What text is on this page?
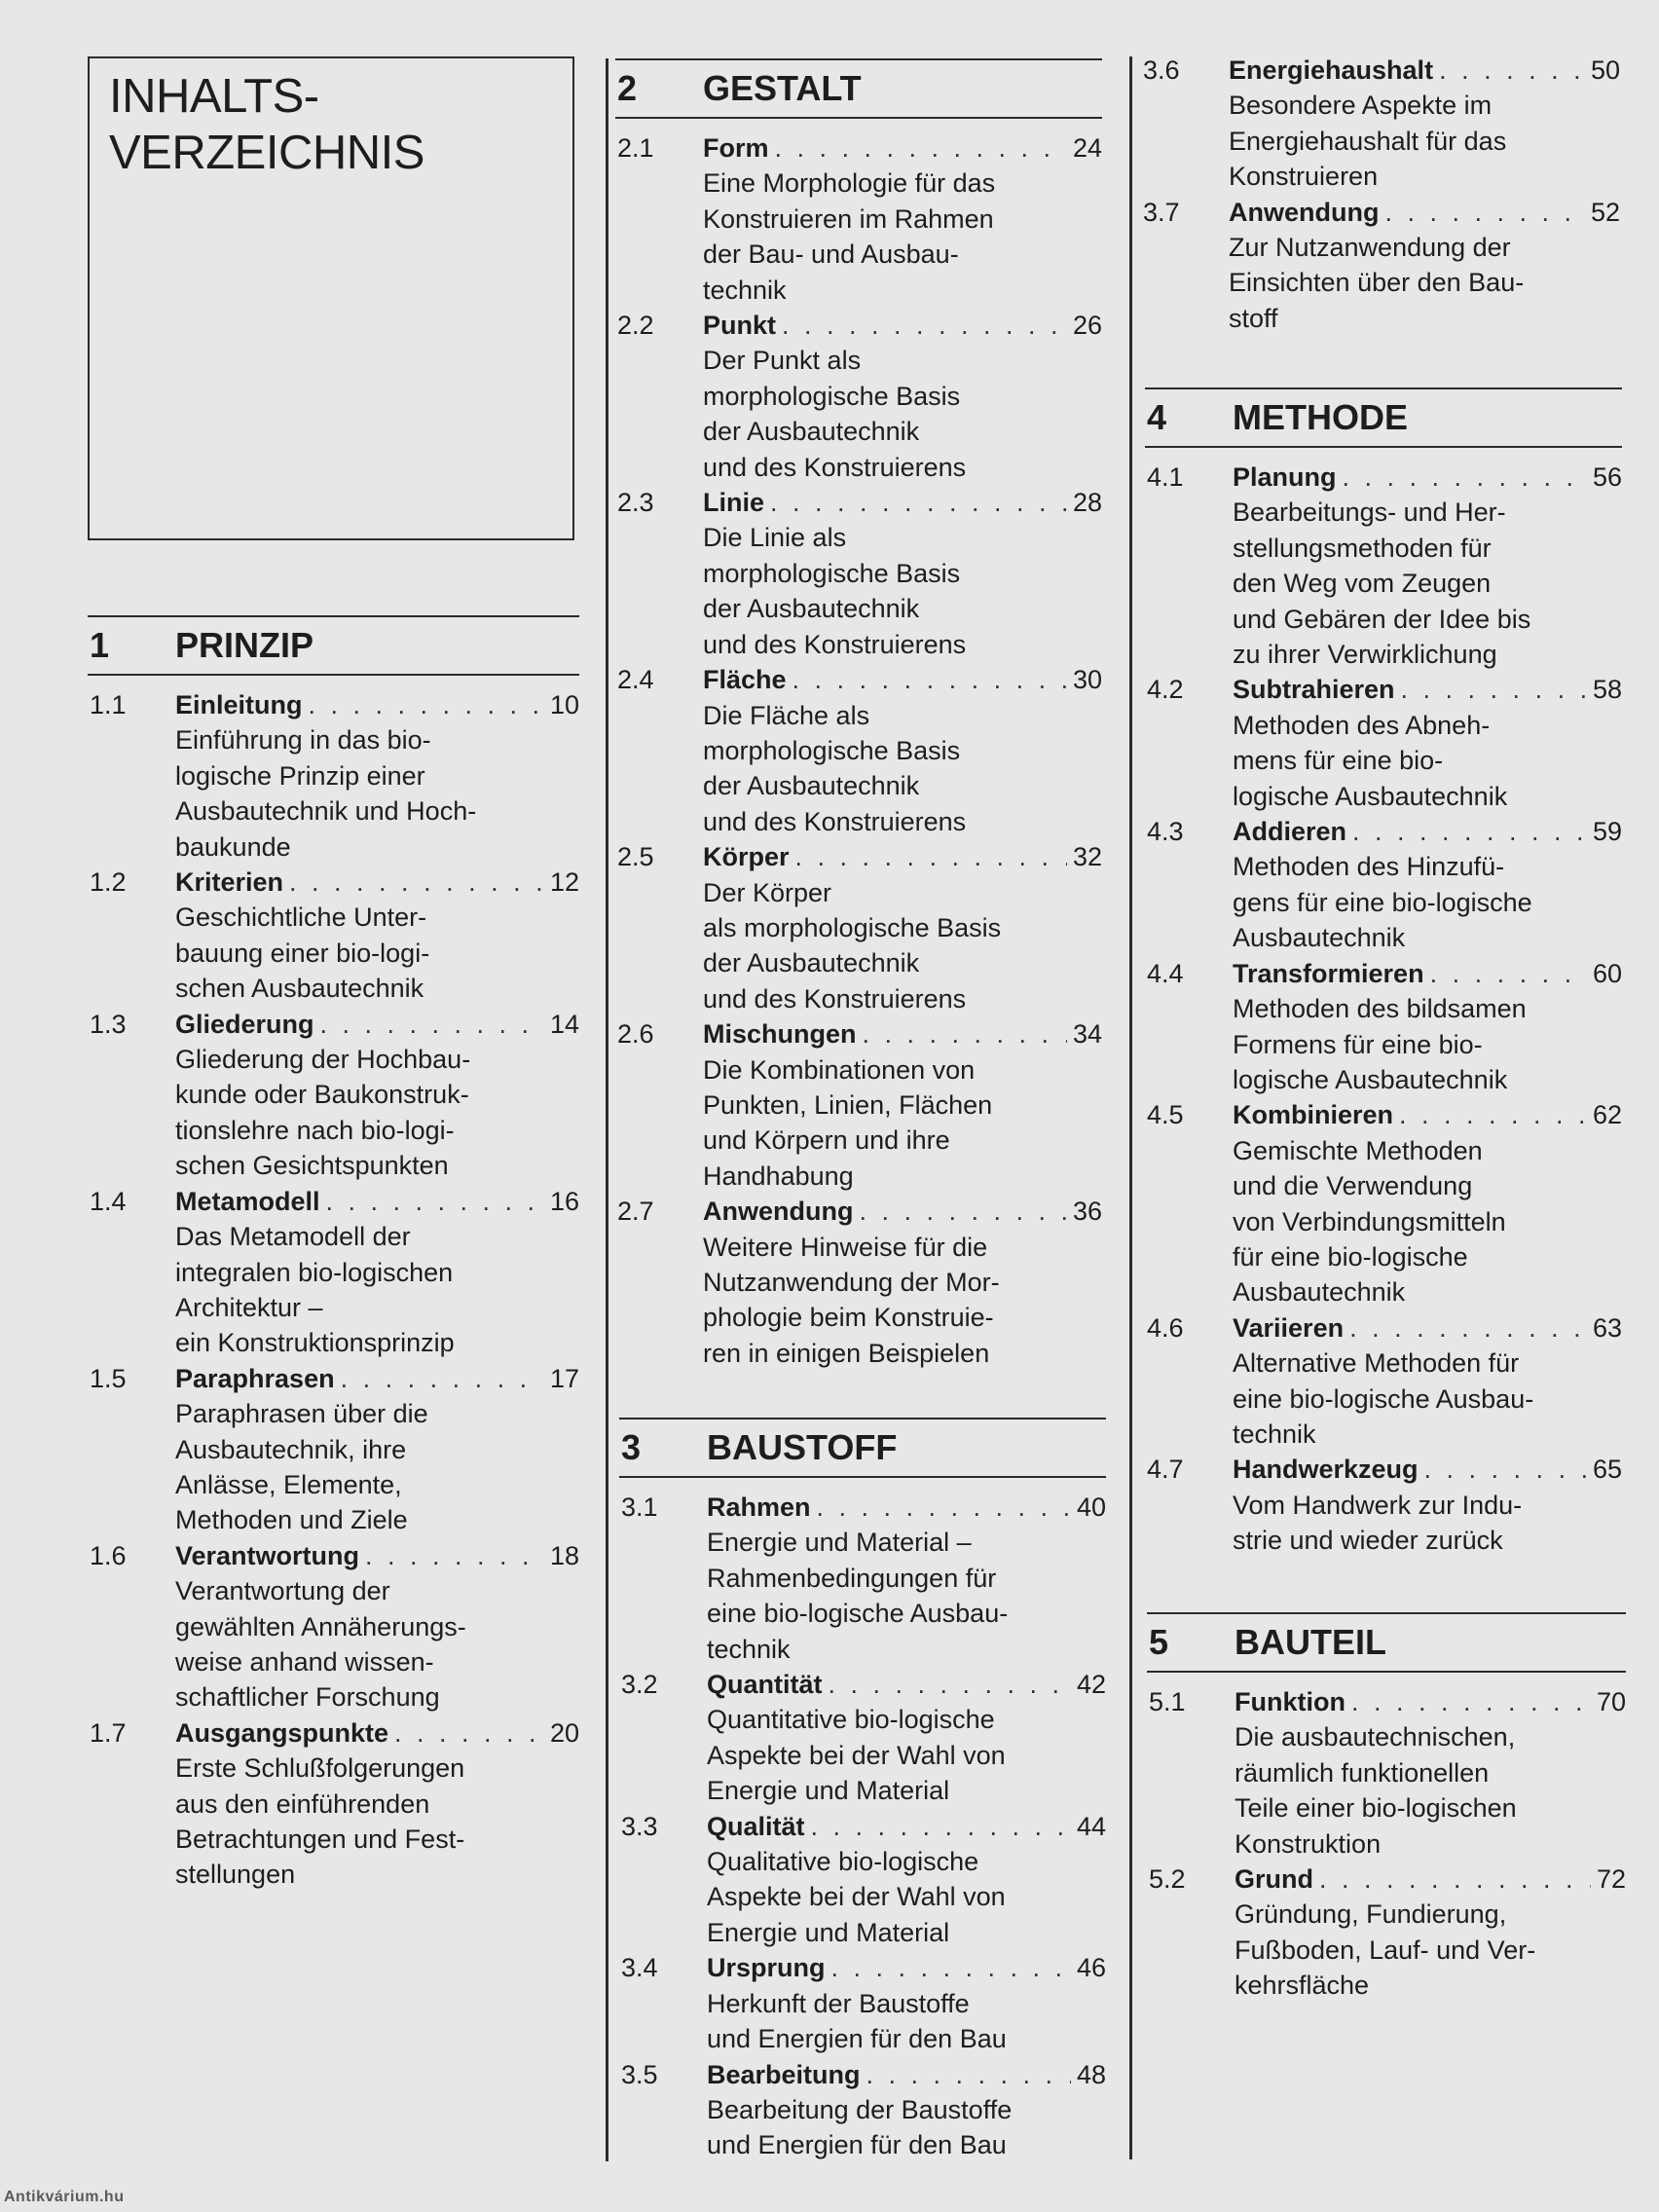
INHALTS-
VERZEICHNIS
1	PRINZIP
1.1	Einleitung . . .	10
Einführung in das bio-
logische Prinzip einer
Ausbautechnik und Hoch-
baukunde
1.2	Kriterien . . .	12
Geschichtliche Unter-
bauung einer bio-logi-
schen Ausbautechnik
1.3	Gliederung . . .	14
Gliederung der Hochbau-
kunde oder Baukonstruk-
tionslehre nach bio-logi-
schen Gesichtspunkten
1.4	Metamodell . . .	16
Das Metamodell der
integralen bio-logischen
Architektur –
ein Konstruktionsprinzip
1.5	Paraphrasen . . .	17
Paraphrasen über die
Ausbautechnik, ihre
Anlässe, Elemente,
Methoden und Ziele
1.6	Verantwortung . . .	18
Verantwortung der
gewählten Annäherungs-
weise anhand wissen-
schaftlicher Forschung
1.7	Ausgangspunkte . . .	20
Erste Schlußfolgerungen
aus den einführenden
Betrachtungen und Fest-
stellungen
2	GESTALT
2.1	Form . . .	24
Eine Morphologie für das
Konstruieren im Rahmen
der Bau- und Ausbau-
technik
2.2	Punkt . . .	26
Der Punkt als
morphologische Basis
der Ausbautechnik
und des Konstruierens
2.3	Linie . . .	28
Die Linie als
morphologische Basis
der Ausbautechnik
und des Konstruierens
2.4	Fläche . . .	30
Die Fläche als
morphologische Basis
der Ausbautechnik
und des Konstruierens
2.5	Körper . . .	32
Der Körper
als morphologische Basis
der Ausbautechnik
und des Konstruierens
2.6	Mischungen . . .	34
Die Kombinationen von
Punkten, Linien, Flächen
und Körpern und ihre
Handhabung
2.7	Anwendung . . .	36
Weitere Hinweise für die
Nutzanwendung der Mor-
phologie beim Konstruie-
ren in einigen Beispielen
3	BAUSTOFF
3.1	Rahmen . . .	40
Energie und Material –
Rahmenbedingungen für
eine bio-logische Ausbau-
technik
3.2	Quantität . . .	42
Quantitative bio-logische
Aspekte bei der Wahl von
Energie und Material
3.3	Qualität . . .	44
Qualitative bio-logische
Aspekte bei der Wahl von
Energie und Material
3.4	Ursprung . . .	46
Herkunft der Baustoffe
und Energien für den Bau
3.5	Bearbeitung . . .	48
Bearbeitung der Baustoffe
und Energien für den Bau
3.6	Energiehaushalt . . .	50
Besondere Aspekte im
Energiehaushalt für das
Konstruieren
3.7	Anwendung . . .	52
Zur Nutzanwendung der
Einsichten über den Bau-
stoff
4	METHODE
4.1	Planung . . .	56
Bearbeitungs- und Her-
stellungsmethoden für
den Weg vom Zeugen
und Gebären der Idee bis
zu ihrer Verwirklichung
4.2	Subtrahieren . . .	58
Methoden des Abneh-
mens für eine bio-
logische Ausbautechnik
4.3	Addieren . . .	59
Methoden des Hinzufü-
gens für eine bio-logische
Ausbautechnik
4.4	Transformieren . . .	60
Methoden des bildsamen
Formens für eine bio-
logische Ausbautechnik
4.5	Kombinieren . . .	62
Gemischte Methoden
und die Verwendung
von Verbindungsmitteln
für eine bio-logische
Ausbautechnik
4.6	Variieren . . .	63
Alternative Methoden für
eine bio-logische Ausbau-
technik
4.7	Handwerkzeug . . .	65
Vom Handwerk zur Indu-
strie und wieder zurück
5	BAUTEIL
5.1	Funktion . . .	70
Die ausbautechnischen,
räumlich funktionellen
Teile einer bio-logischen
Konstruktion
5.2	Grund . . .	72
Gründung, Fundierung,
Fußboden, Lauf- und Ver-
kehrsfläche
Antikvárium.hu
